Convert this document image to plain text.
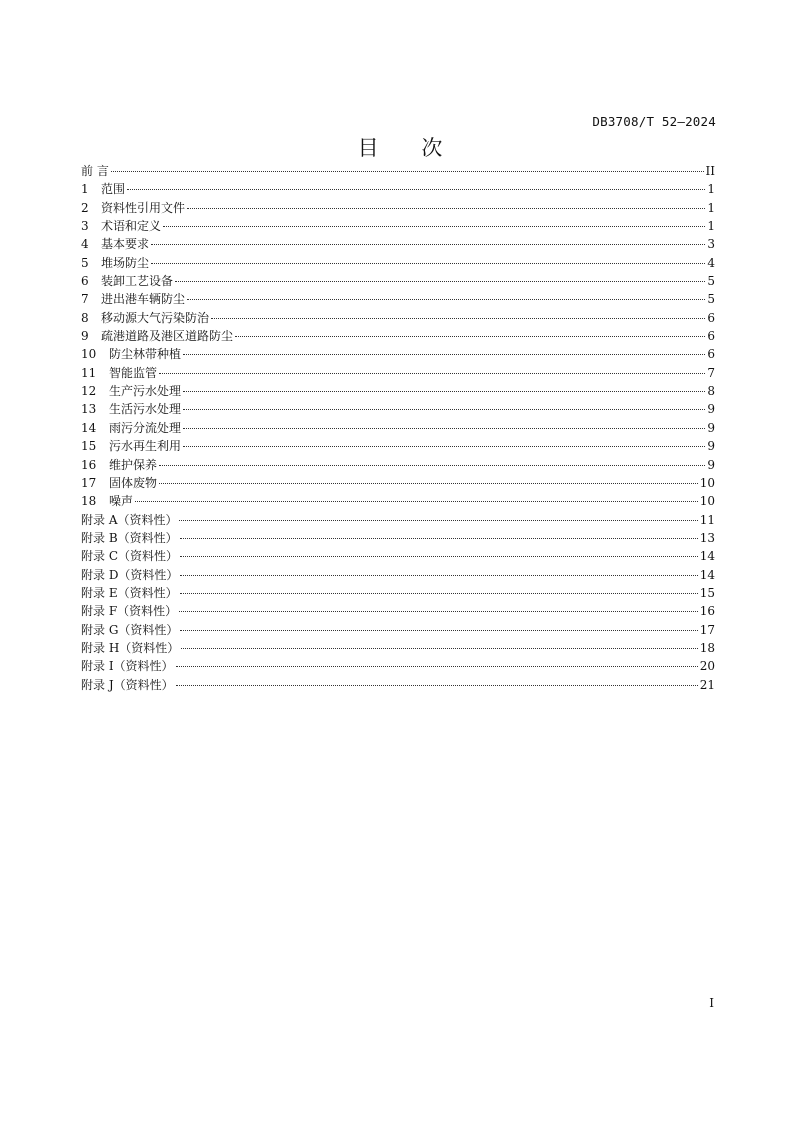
DB3708/T 52—2024
目 次
前 言	II
1	范围	1
2	资料性引用文件	1
3	术语和定义	1
4	基本要求	3
5	堆场防尘	4
6	装卸工艺设备	5
7	进出港车辆防尘	5
8	移动源大气污染防治	6
9	疏港道路及港区道路防尘	6
10	防尘林带种植	6
11	智能监管	7
12	生产污水处理	8
13	生活污水处理	9
14	雨污分流处理	9
15	污水再生利用	9
16	维护保养	9
17	固体废物	10
18	噪声	10
附录 A（资料性）	11
附录 B（资料性）	13
附录 C（资料性）	14
附录 D（资料性）	14
附录 E（资料性）	15
附录 F（资料性）	16
附录 G（资料性）	17
附录 H（资料性）	18
附录 I（资料性）	20
附录 J（资料性）	21
I
